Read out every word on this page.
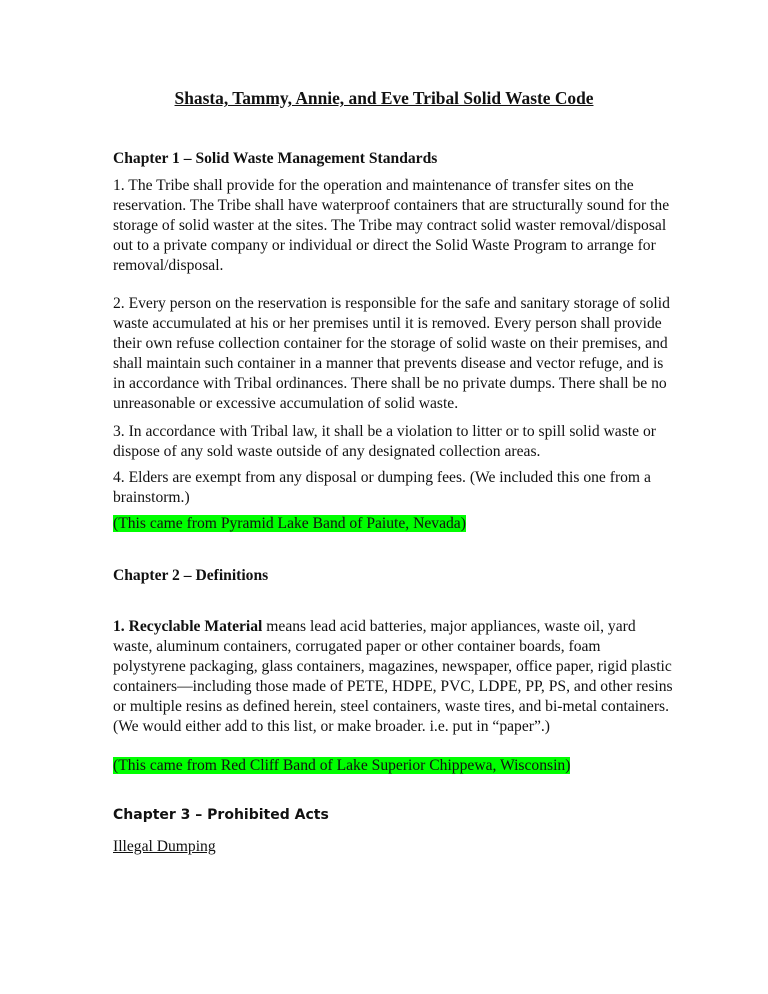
Shasta, Tammy, Annie, and Eve Tribal Solid Waste Code
Chapter 1 – Solid Waste Management Standards

1. The Tribe shall provide for the operation and maintenance of transfer sites on the reservation. The Tribe shall have waterproof containers that are structurally sound for the storage of solid waster at the sites. The Tribe may contract solid waster removal/disposal out to a private company or individual or direct the Solid Waste Program to arrange for removal/disposal.

2. Every person on the reservation is responsible for the safe and sanitary storage of solid waste accumulated at his or her premises until it is removed. Every person shall provide their own refuse collection container for the storage of solid waste on their premises, and shall maintain such container in a manner that prevents disease and vector refuge, and is in accordance with Tribal ordinances. There shall be no private dumps. There shall be no unreasonable or excessive accumulation of solid waste.

3. In accordance with Tribal law, it shall be a violation to litter or to spill solid waste or dispose of any sold waste outside of any designated collection areas.

4. Elders are exempt from any disposal or dumping fees. (We included this one from a brainstorm.)

(This came from Pyramid Lake Band of Paiute, Nevada)
Chapter 2 – Definitions

1. Recyclable Material means lead acid batteries, major appliances, waste oil, yard waste, aluminum containers, corrugated paper or other container boards, foam polystyrene packaging, glass containers, magazines, newspaper, office paper, rigid plastic containers—including those made of PETE, HDPE, PVC, LDPE, PP, PS, and other resins or multiple resins as defined herein, steel containers, waste tires, and bi-metal containers. (We would either add to this list, or make broader. i.e. put in “paper”.)

(This came from Red Cliff Band of Lake Superior Chippewa, Wisconsin)
Chapter 3 – Prohibited Acts
Illegal Dumping
